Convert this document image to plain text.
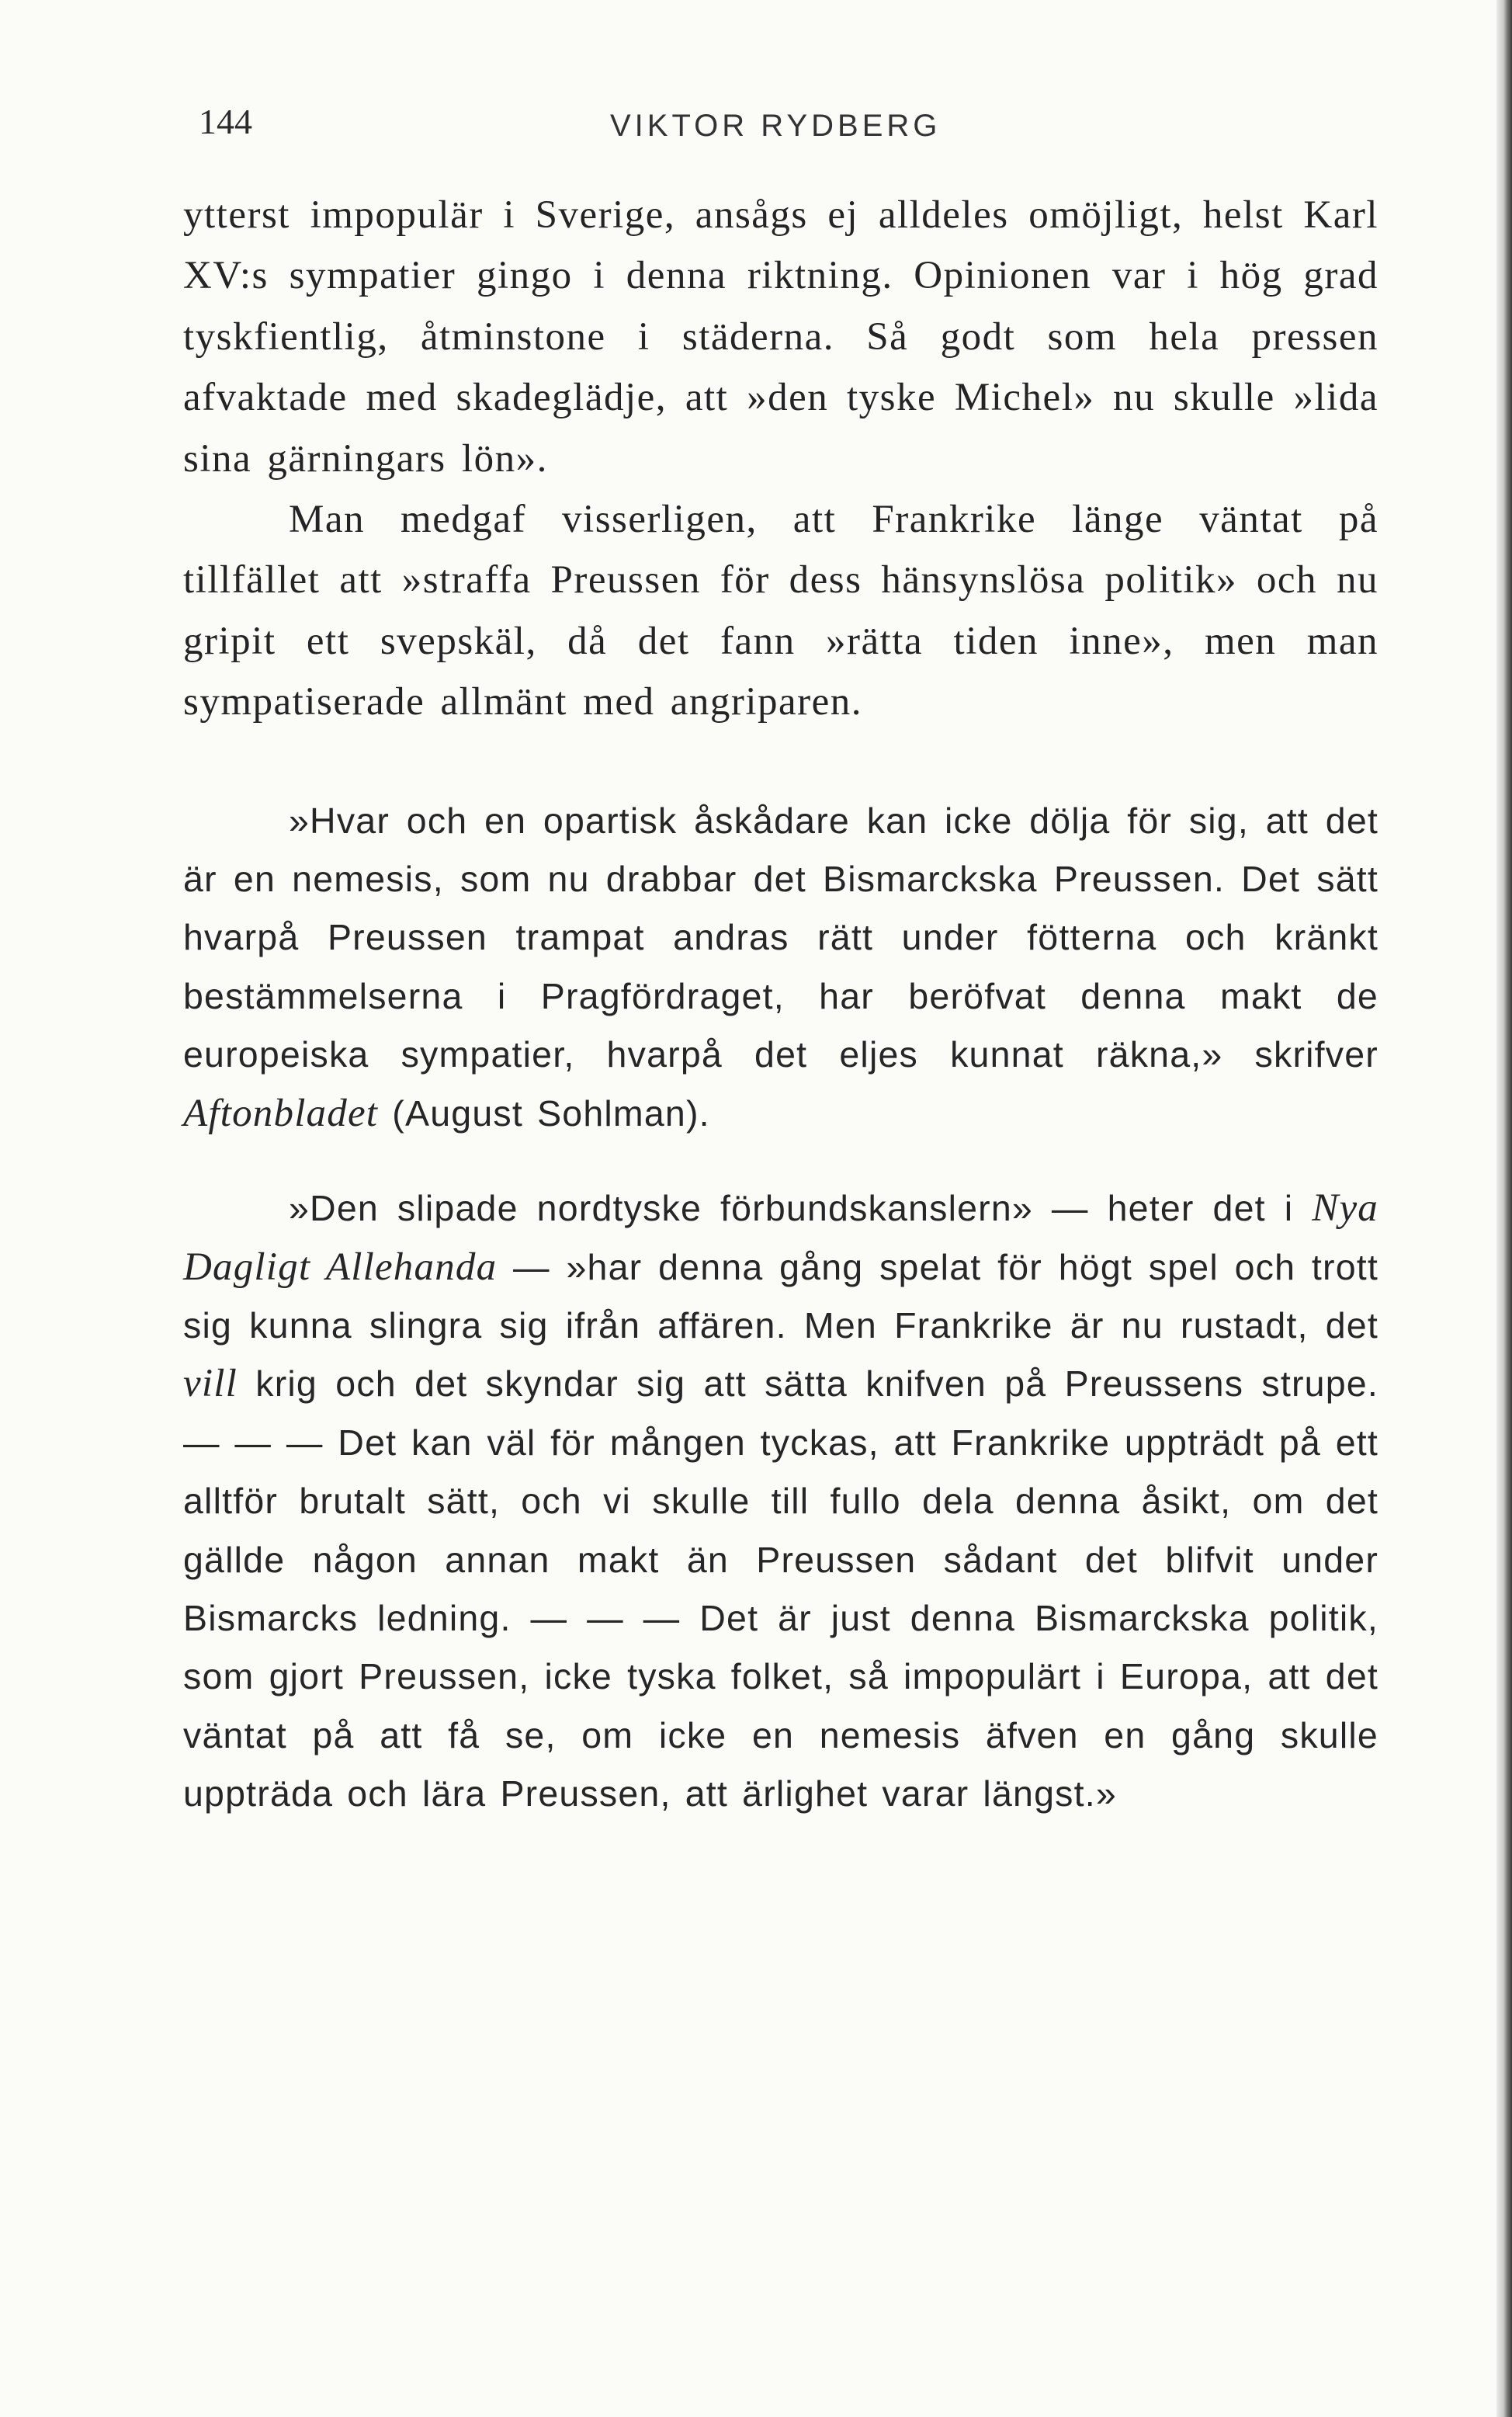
144	VIKTOR RYDBERG

ytterst impopulär i Sverige, ansågs ej alldeles omöjligt, helst Karl XV:s sympatier gingo i denna riktning. Opinionen var i hög grad tyskfientlig, åtminstone i städerna. Så godt som hela pressen afvaktade med skadeglädje, att »den tyske Michel» nu skulle »lida sina gärningars lön».

Man medgaf visserligen, att Frankrike länge väntat på tillfället att »straffa Preussen för dess hänsynslösa politik» och nu gripit ett svepskäl, då det fann »rätta tiden inne», men man sympatiserade allmänt med angriparen.

»Hvar och en opartisk åskådare kan icke dölja för sig, att det är en nemesis, som nu drabbar det Bismarckska Preussen. Det sätt hvarpå Preussen trampat andras rätt under fötterna och kränkt bestämmelserna i Pragfördraget, har beröfvat denna makt de europeiska sympatier, hvarpå det eljes kunnat räkna,» skrifver Aftonbladet (August Sohlman).

»Den slipade nordtyske förbundskanslern» — heter det i Nya Dagligt Allehanda — »har denna gång spelat för högt spel och trott sig kunna slingra sig ifrån affären. Men Frankrike är nu rustadt, det vill krig och det skyndar sig att sätta knifven på Preussens strupe. — — — Det kan väl för mången tyckas, att Frankrike uppträdt på ett alltför brutalt sätt, och vi skulle till fullo dela denna åsikt, om det gällde någon annan makt än Preussen sådant det blifvit under Bismarcks ledning. — — — Det är just denna Bismarckska politik, som gjort Preussen, icke tyska folket, så impopulärt i Europa, att det väntat på att få se, om icke en nemesis äfven en gång skulle uppträda och lära Preussen, att ärlighet varar längst.»
